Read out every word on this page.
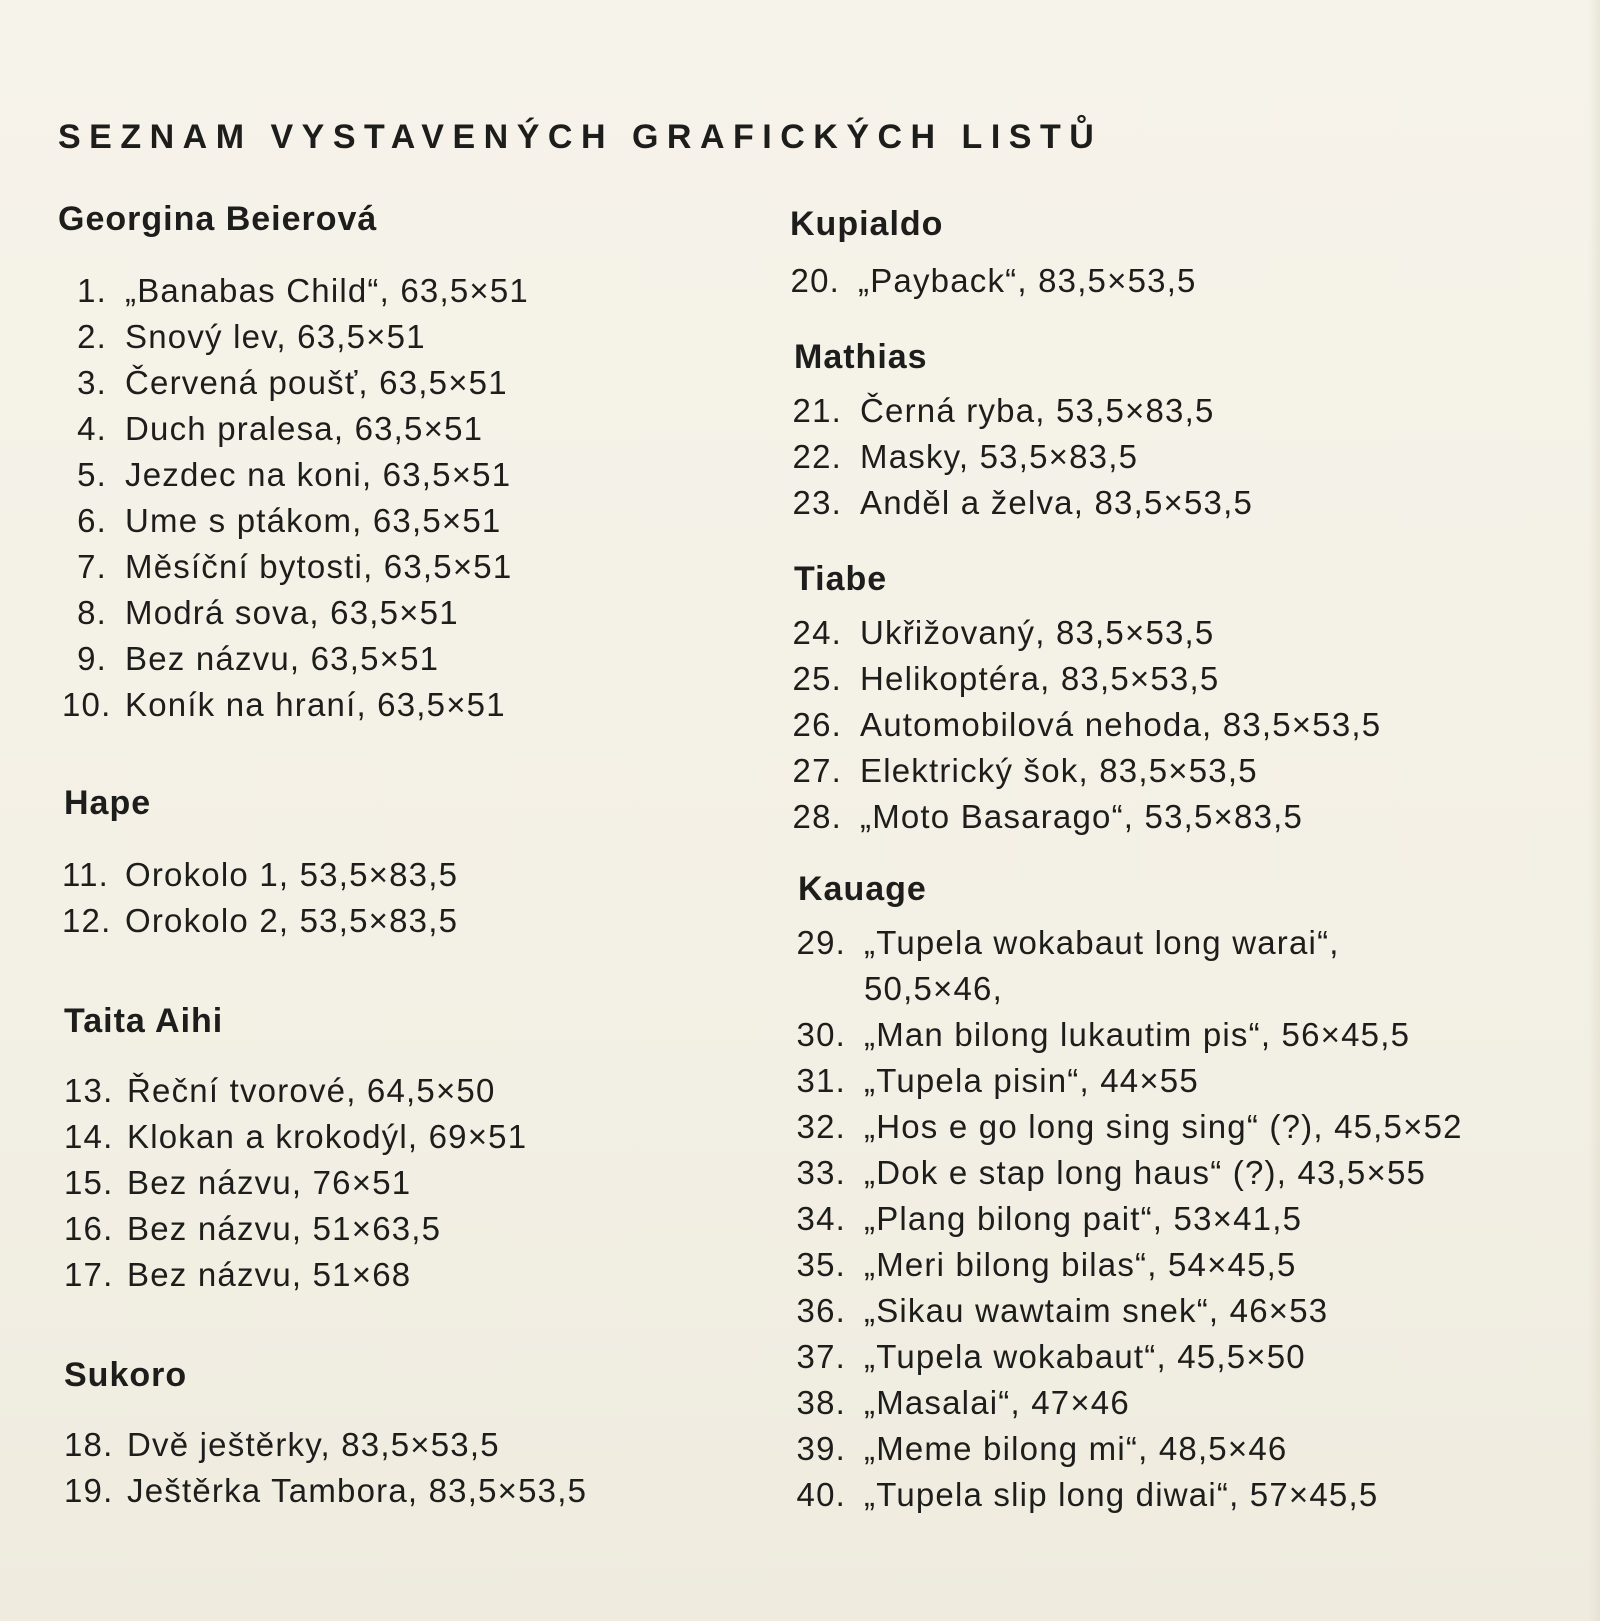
SEZNAM VYSTAVENÝCH GRAFICKÝCH LISTŮ
Georgina Beierová
1. „Banabas Child“, 63,5×51
2. Snový lev, 63,5×51
3. Červená poušť, 63,5×51
4. Duch pralesa, 63,5×51
5. Jezdec na koni, 63,5×51
6. Ume s ptákom, 63,5×51
7. Měsíční bytosti, 63,5×51
8. Modrá sova, 63,5×51
9. Bez názvu, 63,5×51
10. Koník na hraní, 63,5×51
Hape
11. Orokolo 1, 53,5×83,5
12. Orokolo 2, 53,5×83,5
Taita Aihi
13. Řeční tvorové, 64,5×50
14. Klokan a krokodýl, 69×51
15. Bez názvu, 76×51
16. Bez názvu, 51×63,5
17. Bez názvu, 51×68
Sukoro
18. Dvě ještěrky, 83,5×53,5
19. Ještěrka Tambora, 83,5×53,5
Kupialdo
20. „Payback“, 83,5×53,5
Mathias
21. Černá ryba, 53,5×83,5
22. Masky, 53,5×83,5
23. Anděl a želva, 83,5×53,5
Tiabe
24. Ukřižovaný, 83,5×53,5
25. Helikoptéra, 83,5×53,5
26. Automobilová nehoda, 83,5×53,5
27. Elektrický šok, 83,5×53,5
28. „Moto Basarago“, 53,5×83,5
Kauage
29. „Tupela wokabaut long warai“, 50,5×46,
30. „Man bilong lukautim pis“, 56×45,5
31. „Tupela pisin“, 44×55
32. „Hos e go long sing sing“ (?), 45,5×52
33. „Dok e stap long haus“ (?), 43,5×55
34. „Plang bilong pait“, 53×41,5
35. „Meri bilong bilas“, 54×45,5
36. „Sikau wawtaim snek“, 46×53
37. „Tupela wokabaut“, 45,5×50
38. „Masalai“, 47×46
39. „Meme bilong mi“, 48,5×46
40. „Tupela slip long diwai“, 57×45,5
